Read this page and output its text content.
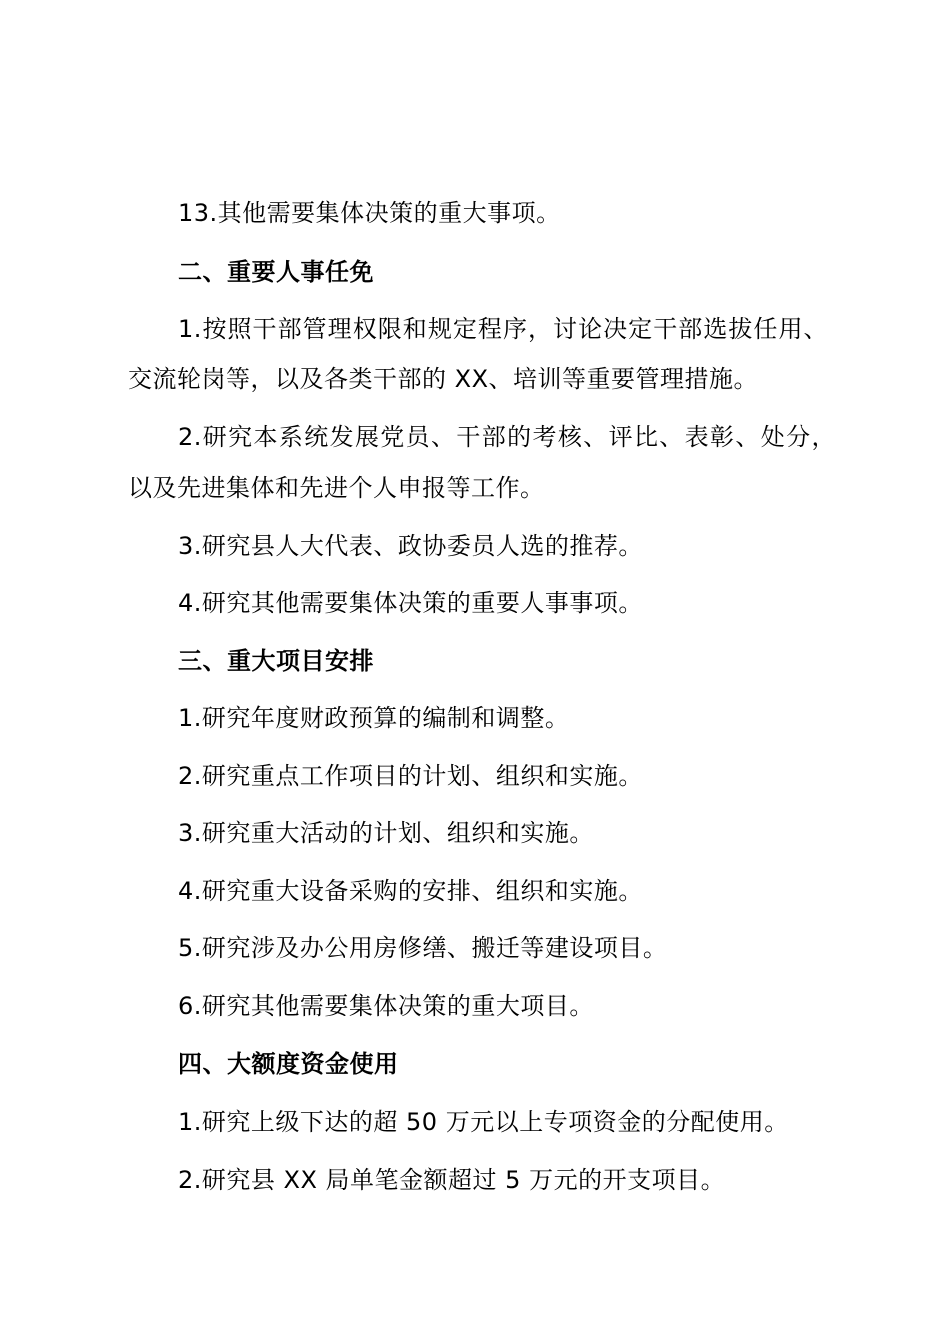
13.其他需要集体决策的重大事项。
二、重要人事任免
1.按照干部管理权限和规定程序，讨论决定干部选拔任用、
交流轮岗等，以及各类干部的 XX、培训等重要管理措施。
2.研究本系统发展党员、干部的考核、评比、表彰、处分，
以及先进集体和先进个人申报等工作。
3.研究县人大代表、政协委员人选的推荐。
4.研究其他需要集体决策的重要人事事项。
三、重大项目安排
1.研究年度财政预算的编制和调整。
2.研究重点工作项目的计划、组织和实施。
3.研究重大活动的计划、组织和实施。
4.研究重大设备采购的安排、组织和实施。
5.研究涉及办公用房修缮、搬迁等建设项目。
6.研究其他需要集体决策的重大项目。
四、大额度资金使用
1.研究上级下达的超 50 万元以上专项资金的分配使用。
2.研究县 XX 局单笔金额超过 5 万元的开支项目。
